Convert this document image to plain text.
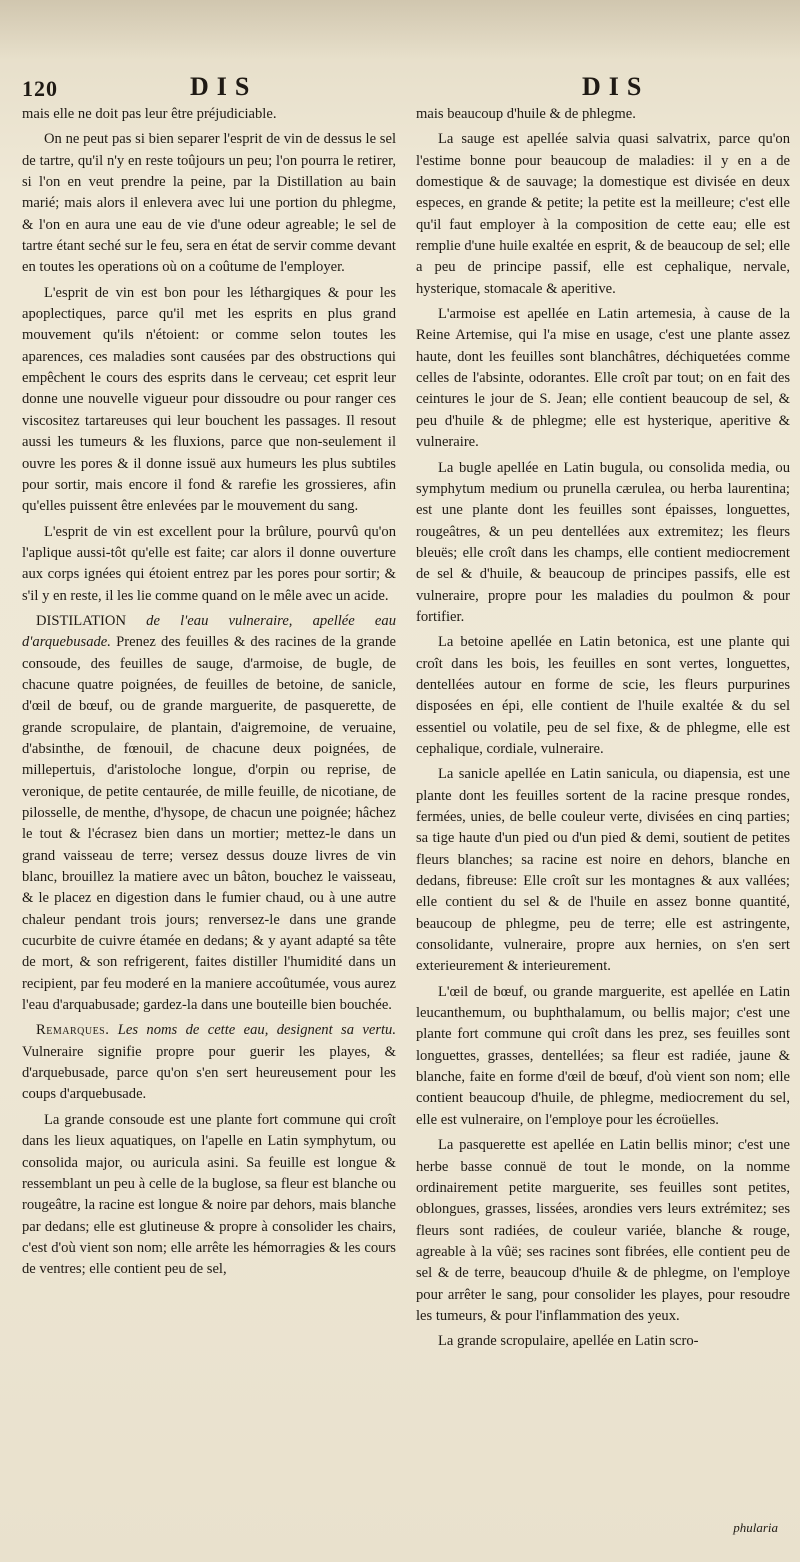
120	DIS	DIS

mais elle ne doit pas leur être préjudiciable.

On ne peut pas si bien separer l'esprit de vin de dessus le sel de tartre, qu'il n'y en reste toûjours un peu; l'on pourra le retirer, si l'on en veut prendre la peine, par la Distillation au bain marié; mais alors il enlevera avec lui une portion du phlegme, & l'on en aura une eau de vie d'une odeur agreable; le sel de tartre étant seché sur le feu, sera en état de servir comme devant en toutes les operations où on a coûtume de l'employer.

L'esprit de vin est bon pour les léthargiques & pour les apoplectiques, parce qu'il met les esprits en plus grand mouvement qu'ils n'étoient: or comme selon toutes les aparences, ces maladies sont causées par des obstructions qui empêchent le cours des esprits dans le cerveau; cet esprit leur donne une nouvelle vigueur pour dissoudre ou pour ranger ces viscositez tartareuses qui leur bouchent les passages. Il resout aussi les tumeurs & les fluxions, parce que non-seulement il ouvre les pores & il donne issuë aux humeurs les plus subtiles pour sortir, mais encore il fond & rarefie les grossieres, afin qu'elles puissent être enlevées par le mouvement du sang.

L'esprit de vin est excellent pour la brûlure, pourvû qu'on l'aplique aussi-tôt qu'elle est faite; car alors il donne ouverture aux corps ignées qui étoient entrez par les pores pour sortir; & s'il y en reste, il les lie comme quand on le mêle avec un acide.

DISTILATION de l'eau vulneraire, apellée eau d'arquebusade. Prenez des feuilles & des racines de la grande consoude, des feuilles de sauge, d'armoise, de bugle, de chacune quatre poignées, de feuilles de betoine, de sanicle, d'œil de bœuf, ou de grande marguerite, de pasquerette, de grande scropulaire, de plantain, d'aigremoine, de veruaine, d'absinthe, de fœnouil, de chacune deux poignées, de millepertuis, d'aristoloche longue, d'orpin ou reprise, de veronique, de petite centaurée, de mille feuille, de nicotiane, de pilosselle, de menthe, d'hysope, de chacun une poignée; hâchez le tout & l'écrasez bien dans un mortier; mettez-le dans un grand vaisseau de terre; versez dessus douze livres de vin blanc, brouillez la matiere avec un bâton, bouchez le vaisseau, & le placez en digestion dans le fumier chaud, ou à une autre chaleur pendant trois jours; renversez-le dans une grande cucurbite de cuivre étamée en dedans; & y ayant adapté sa tête de mort, & son refrigerent, faites distiller l'humidité dans un recipient, par feu moderé en la maniere accoûtumée, vous aurez l'eau d'arquabusade; gardez-la dans une bouteille bien bouchée.

Remarques. Les noms de cette eau, designent sa vertu. Vulneraire signifie propre pour guerir les playes, & d'arquebusade, parce qu'on s'en sert heureusement pour les coups d'arquebusade.

La grande consoude est une plante fort commune qui croît dans les lieux aquatiques, on l'apelle en Latin symphytum, ou consolida major, ou auricula asini. Sa feuille est longue & ressemblant un peu à celle de la buglose, sa fleur est blanche ou rougeâtre, la racine est longue & noire par dehors, mais blanche par dedans; elle est glutineuse & propre à consolider les chairs, c'est d'où vient son nom; elle arrête les hémorragies & les cours de ventres; elle contient peu de sel,

mais beaucoup d'huile & de phlegme.

La sauge est apellée salvia quasi salvatrix, parce qu'on l'estime bonne pour beaucoup de maladies: il y en a de domestique & de sauvage; la domestique est divisée en deux especes, en grande & petite; la petite est la meilleure; c'est elle qu'il faut employer à la composition de cette eau; elle est remplie d'une huile exaltée en esprit, & de beaucoup de sel; elle a peu de principe passif, elle est cephalique, nervale, hysterique, stomacale & aperitive.

L'armoise est apellée en Latin artemesia, à cause de la Reine Artemise, qui l'a mise en usage, c'est une plante assez haute, dont les feuilles sont blanchâtres, déchiquetées comme celles de l'absinte, odorantes. Elle croît par tout; on en fait des ceintures le jour de S. Jean; elle contient beaucoup de sel, & peu d'huile & de phlegme; elle est hysterique, aperitive & vulneraire.

La bugle apellée en Latin bugula, ou consolida media, ou symphytum medium ou prunella cærulea, ou herba laurentina; est une plante dont les feuilles sont épaisses, longuettes, rougeâtres, & un peu dentellées aux extremitez; les fleurs bleuës; elle croît dans les champs, elle contient mediocrement de sel & d'huile, & beaucoup de principes passifs, elle est vulneraire, propre pour les maladies du poulmon & pour fortifier.

La betoine apellée en Latin betonica, est une plante qui croît dans les bois, les feuilles en sont vertes, longuettes, dentellées autour en forme de scie, les fleurs purpurines disposées en épi, elle contient de l'huile exaltée & du sel essentiel ou volatile, peu de sel fixe, & de phlegme, elle est cephalique, cordiale, vulneraire.

La sanicle apellée en Latin sanicula, ou diapensia, est une plante dont les feuilles sortent de la racine presque rondes, fermées, unies, de belle couleur verte, divisées en cinq parties; sa tige haute d'un pied ou d'un pied & demi, soutient de petites fleurs blanches; sa racine est noire en dehors, blanche en dedans, fibreuse: Elle croît sur les montagnes & aux vallées; elle contient du sel & de l'huile en assez bonne quantité, beaucoup de phlegme, peu de terre; elle est astringente, consolidante, vulneraire, propre aux hernies, on s'en sert exterieurement & interieurement.

L'œil de bœuf, ou grande marguerite, est apellée en Latin leucanthemum, ou buphthalamum, ou bellis major; c'est une plante fort commune qui croît dans les prez, ses feuilles sont longuettes, grasses, dentellées; sa fleur est radiée, jaune & blanche, faite en forme d'œil de bœuf, d'où vient son nom; elle contient beaucoup d'huile, de phlegme, mediocrement du sel, elle est vulneraire, on l'employe pour les écroüelles.

La pasquerette est apellée en Latin bellis minor; c'est une herbe basse connuë de tout le monde, on la nomme ordinairement petite marguerite, ses feuilles sont petites, oblongues, grasses, lissées, arondies vers leurs extrémitez; ses fleurs sont radiées, de couleur variée, blanche & rouge, agreable à la vûë; ses racines sont fibrées, elle contient peu de sel & de terre, beaucoup d'huile & de phlegme, on l'employe pour arrêter le sang, pour consolider les playes, pour resoudre les tumeurs, & pour l'inflammation des yeux.

La grande scropulaire, apellée en Latin scro-

phularia
